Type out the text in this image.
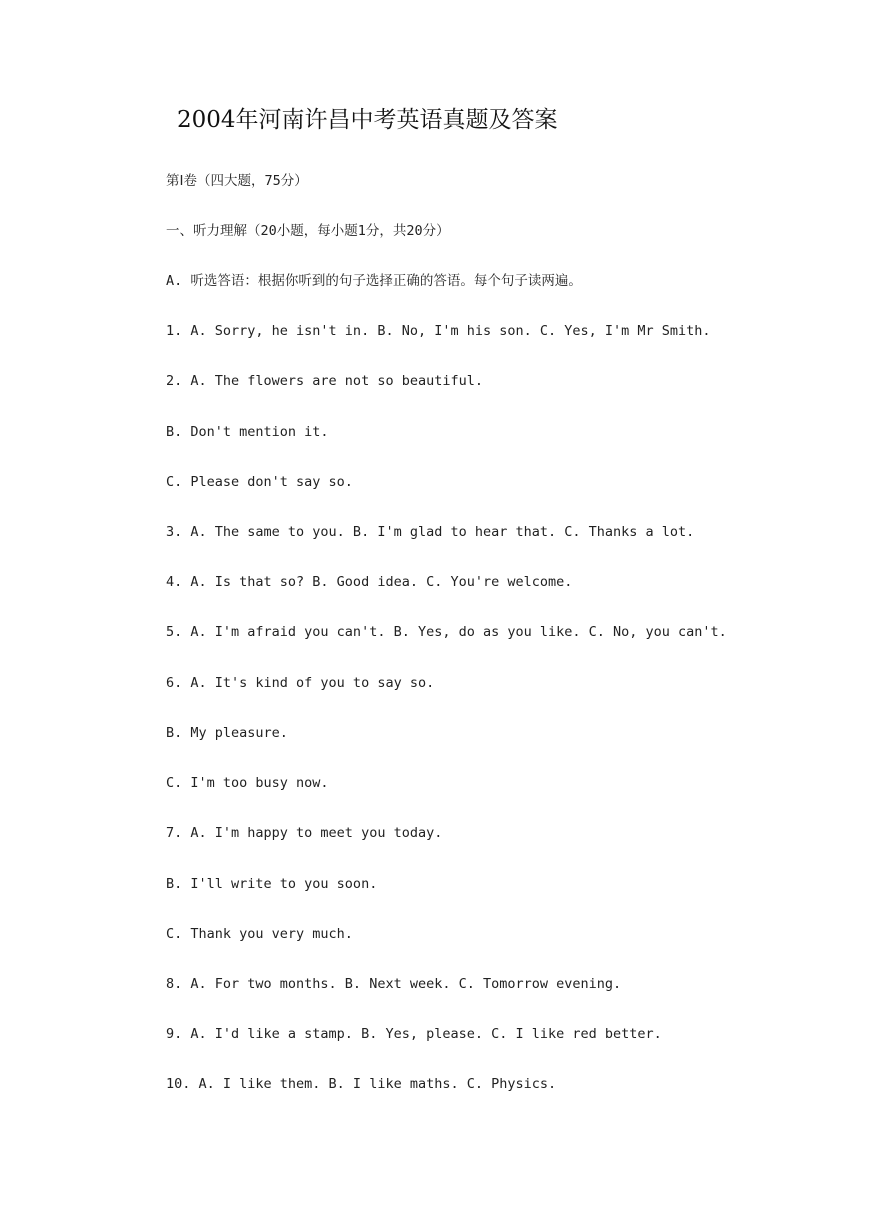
2004年河南许昌中考英语真题及答案
第Ⅰ卷（四大题，75分）
一、听力理解（20小题，每小题1分，共20分）
A. 听选答语：根据你听到的句子选择正确的答语。每个句子读两遍。
1. A. Sorry, he isn't in. B. No, I'm his son. C. Yes, I'm Mr Smith.
2. A. The flowers are not so beautiful.
B. Don't mention it.
C. Please don't say so.
3. A. The same to you. B. I'm glad to hear that. C. Thanks a lot.
4. A. Is that so? B. Good idea. C. You're welcome.
5. A. I'm afraid you can't. B. Yes, do as you like. C. No, you can't.
6. A. It's kind of you to say so.
B. My pleasure.
C. I'm too busy now.
7. A. I'm happy to meet you today.
B. I'll write to you soon.
C. Thank you very much.
8. A. For two months. B. Next week. C. Tomorrow evening.
9. A. I'd like a stamp. B. Yes, please. C. I like red better.
10. A. I like them. B. I like maths. C. Physics.
